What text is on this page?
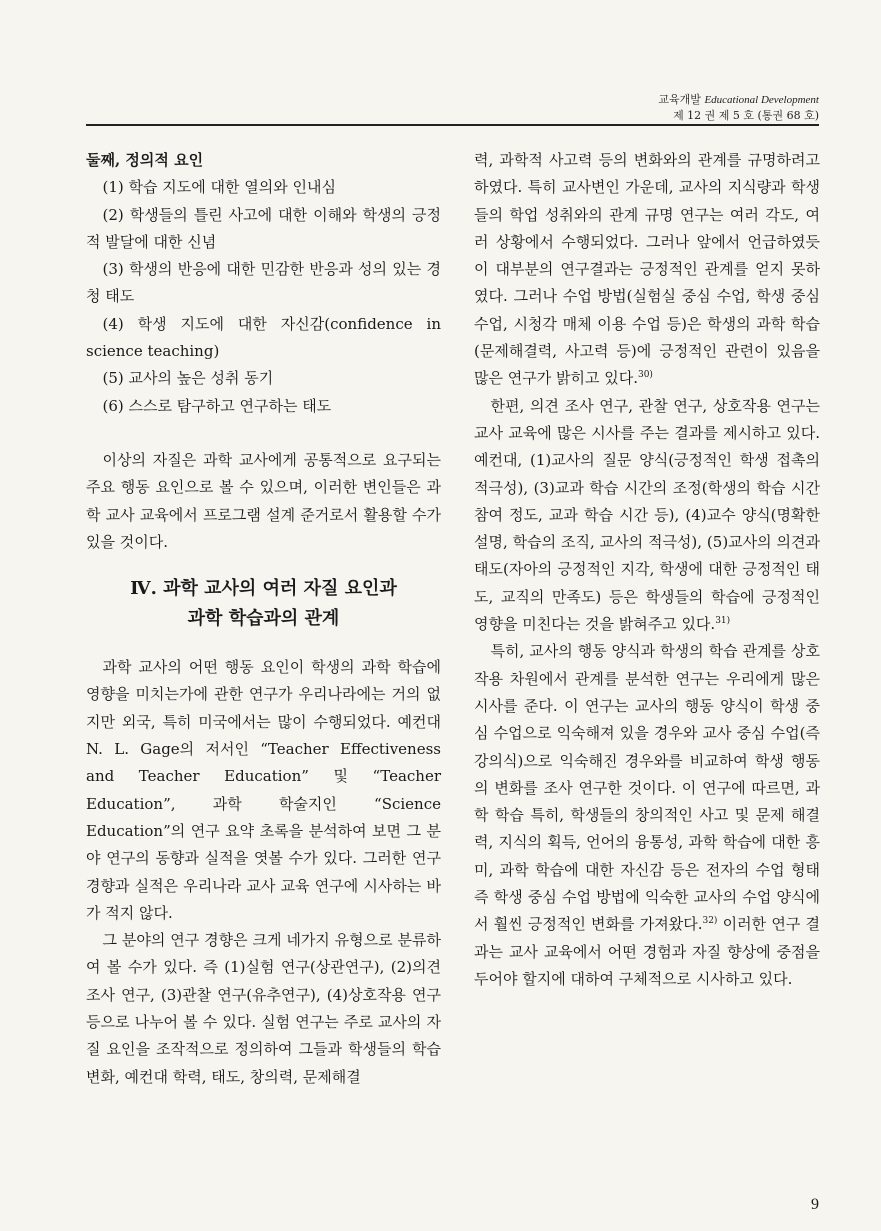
교육개발 Educational Development
제 12 권 제 5 호 (통권 68 호)

둘째, 정의적 요인

(1) 학습 지도에 대한 열의와 인내심

(2) 학생들의 틀린 사고에 대한 이해와 학생의 긍정적 발달에 대한 신념

(3) 학생의 반응에 대한 민감한 반응과 성의 있는 경청 태도

(4) 학생 지도에 대한 자신감(confidence in science teaching)

(5) 교사의 높은 성취 동기

(6) 스스로 탐구하고 연구하는 태도

이상의 자질은 과학 교사에게 공통적으로 요구되는 주요 행동 요인으로 볼 수 있으며, 이러한 변인들은 과학 교사 교육에서 프로그램 설계 준거로서 활용할 수가 있을 것이다.

Ⅳ. 과학 교사의 여러 자질 요인과
과학 학습과의 관계

과학 교사의 어떤 행동 요인이 학생의 과학 학습에 영향을 미치는가에 관한 연구가 우리나라에는 거의 없지만 외국, 특히 미국에서는 많이 수행되었다. 예컨대 N. L. Gage의 저서인 “Teacher Effectiveness and Teacher Education” 및 “Teacher Education”, 과학 학술지인 “Science Education”의 연구 요약 초록을 분석하여 보면 그 분야 연구의 동향과 실적을 엿볼 수가 있다. 그러한 연구 경향과 실적은 우리나라 교사 교육 연구에 시사하는 바가 적지 않다.

그 분야의 연구 경향은 크게 네가지 유형으로 분류하여 볼 수가 있다. 즉 (1)실험 연구(상관연구), (2)의견 조사 연구, (3)관찰 연구(유추연구), (4)상호작용 연구 등으로 나누어 볼 수 있다. 실험 연구는 주로 교사의 자질 요인을 조작적으로 정의하여 그들과 학생들의 학습 변화, 예컨대 학력, 태도, 창의력, 문제해결

력, 과학적 사고력 등의 변화와의 관계를 규명하려고 하였다. 특히 교사변인 가운데, 교사의 지식량과 학생들의 학업 성취와의 관계 규명 연구는 여러 각도, 여러 상황에서 수행되었다. 그러나 앞에서 언급하였듯이 대부분의 연구결과는 긍정적인 관계를 얻지 못하였다. 그러나 수업 방법(실험실 중심 수업, 학생 중심 수업, 시청각 매체 이용 수업 등)은 학생의 과학 학습(문제해결력, 사고력 등)에 긍정적인 관련이 있음을 많은 연구가 밝히고 있다.$^{30)}$

한편, 의견 조사 연구, 관찰 연구, 상호작용 연구는 교사 교육에 많은 시사를 주는 결과를 제시하고 있다. 예컨대, (1)교사의 질문 양식(긍정적인 학생 접촉의 적극성), (3)교과 학습 시간의 조정(학생의 학습 시간 참여 정도, 교과 학습 시간 등), (4)교수 양식(명확한 설명, 학습의 조직, 교사의 적극성), (5)교사의 의견과 태도(자아의 긍정적인 지각, 학생에 대한 긍정적인 태도, 교직의 만족도) 등은 학생들의 학습에 긍정적인 영향을 미친다는 것을 밝혀주고 있다.$^{31)}$

특히, 교사의 행동 양식과 학생의 학습 관계를 상호작용 차원에서 관계를 분석한 연구는 우리에게 많은 시사를 준다. 이 연구는 교사의 행동 양식이 학생 중심 수업으로 익숙해져 있을 경우와 교사 중심 수업(즉 강의식)으로 익숙해진 경우와를 비교하여 학생 행동의 변화를 조사 연구한 것이다. 이 연구에 따르면, 과학 학습 특히, 학생들의 창의적인 사고 및 문제 해결력, 지식의 획득, 언어의 융통성, 과학 학습에 대한 흥미, 과학 학습에 대한 자신감 등은 전자의 수업 형태 즉 학생 중심 수업 방법에 익숙한 교사의 수업 양식에서 훨씬 긍정적인 변화를 가져왔다.$^{32)}$ 이러한 연구 결과는 교사 교육에서 어떤 경험과 자질 향상에 중점을 두어야 할지에 대하여 구체적으로 시사하고 있다.

9
